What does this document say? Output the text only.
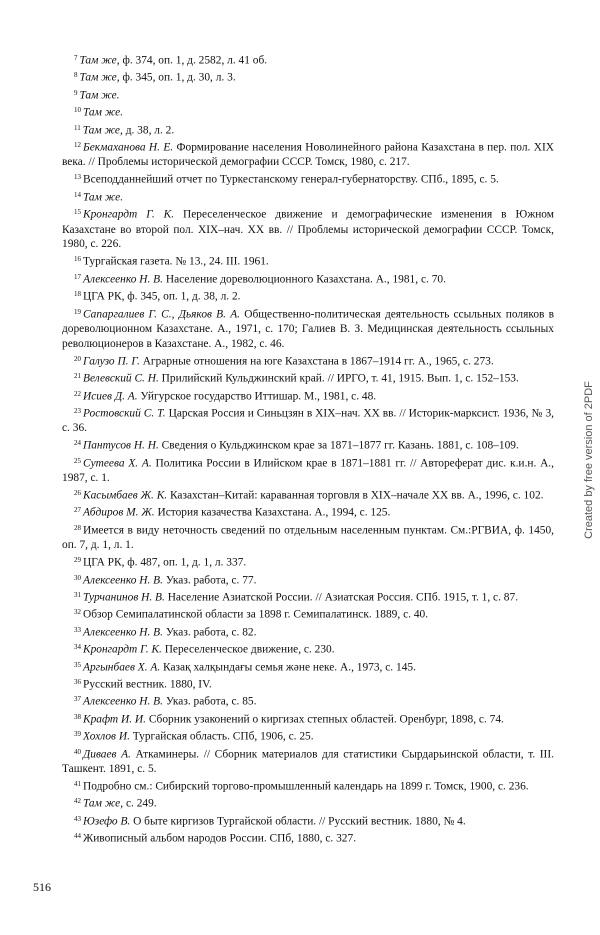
$^7$ Там же, ф. 374, оп. 1, д. 2582, л. 41 об.

$^8$ Там же, ф. 345, оп. 1, д. 30, л. 3.

$^9$ Там же.

$^{10}$ Там же.

$^{11}$ Там же, д. 38, л. 2.

$^{12}$ Бекмаханова Н. Е. Формирование населения Новолинейного района Казахстана в пер. пол. XIX века. // Проблемы исторической демографии СССР. Томск, 1980, с. 217.

$^{13}$ Всеподданнейший отчет по Туркестанскому генерал-губернаторству. СПб., 1895, с. 5.

$^{14}$ Там же.

$^{15}$ Кронгардт Г. К. Переселенческое движение и демографические изменения в Южном Казахстане во второй пол. XIX–нач. XX вв. // Проблемы исторической демографии СССР. Томск, 1980, с. 226.

$^{16}$ Тургайская газета. № 13., 24. III. 1961.

$^{17}$ Алексеенко Н. В. Население дореволюционного Казахстана. А., 1981, с. 70.

$^{18}$ ЦГА РК, ф. 345, оп. 1, д. 38, л. 2.

$^{19}$ Сапаргалиев Г. С., Дьяков В. А. Общественно-политическая деятельность ссыльных поляков в дореволюционном Казахстане. А., 1971, с. 170; Галиев В. З. Медицинская деятельность ссыльных революционеров в Казахстане. А., 1982, с. 46.

$^{20}$ Галузо П. Г. Аграрные отношения на юге Казахстана в 1867–1914 гг. А., 1965, с. 273.

$^{21}$ Велевский С. Н. Прилийский Кульджинский край. // ИРГО, т. 41, 1915. Вып. 1, с. 152–153.

$^{22}$ Исиев Д. А. Уйгурское государство Иттишар. М., 1981, с. 48.

$^{23}$ Ростовский С. Т. Царская Россия и Синьцзян в XIX–нач. XX вв. // Историк-марксист. 1936, № 3, с. 36.

$^{24}$ Пантусов Н. Н. Сведения о Кульджинском крае за 1871–1877 гг. Казань. 1881, с. 108–109.

$^{25}$ Сутеева Х. А. Политика России в Илийском крае в 1871–1881 гг. // Автореферат дис. к.и.н. А., 1987, с. 1.

$^{26}$ Касымбаев Ж. К. Казахстан–Китай: караванная торговля в XIX–начале XX вв. А., 1996, с. 102.

$^{27}$ Абдиров М. Ж. История казачества Казахстана. А., 1994, с. 125.

$^{28}$ Имеется в виду неточность сведений по отдельным населенным пунктам. См.:РГВИА, ф. 1450, оп. 7, д. 1, л. 1.

$^{29}$ ЦГА РК, ф. 487, оп. 1, д. 1, л. 337.

$^{30}$ Алексеенко Н. В. Указ. работа, с. 77.

$^{31}$ Турчанинов Н. В. Население Азиатской России. // Азиатская Россия. СПб. 1915, т. 1, с. 87.

$^{32}$ Обзор Семипалатинской области за 1898 г. Семипалатинск. 1889, с. 40.

$^{33}$ Алексеенко Н. В. Указ. работа, с. 82.

$^{34}$ Кронгардт Г. К. Переселенческое движение, с. 230.

$^{35}$ Аргынбаев Х. А. Казақ халқындағы семья және неке. А., 1973, с. 145.

$^{36}$ Русский вестник. 1880, IV.

$^{37}$ Алексеенко Н. В. Указ. работа, с. 85.

$^{38}$ Крафт И. И. Сборник узаконений о киргизах степных областей. Оренбург, 1898, с. 74.

$^{39}$ Хохлов И. Тургайская область. СПб, 1906, с. 25.

$^{40}$ Диваев А. Аткаминеры. // Сборник материалов для статистики Сырдарьинской области, т. III. Ташкент. 1891, с. 5.

$^{41}$ Подробно см.: Сибирский торгово-промышленный календарь на 1899 г. Томск, 1900, с. 236.

$^{42}$ Там же, с. 249.

$^{43}$ Юзефо В. О быте киргизов Тургайской области. // Русский вестник. 1880, № 4.

$^{44}$ Живописный альбом народов России. СПб, 1880, с. 327.

516
Created by free version of 2PDF
